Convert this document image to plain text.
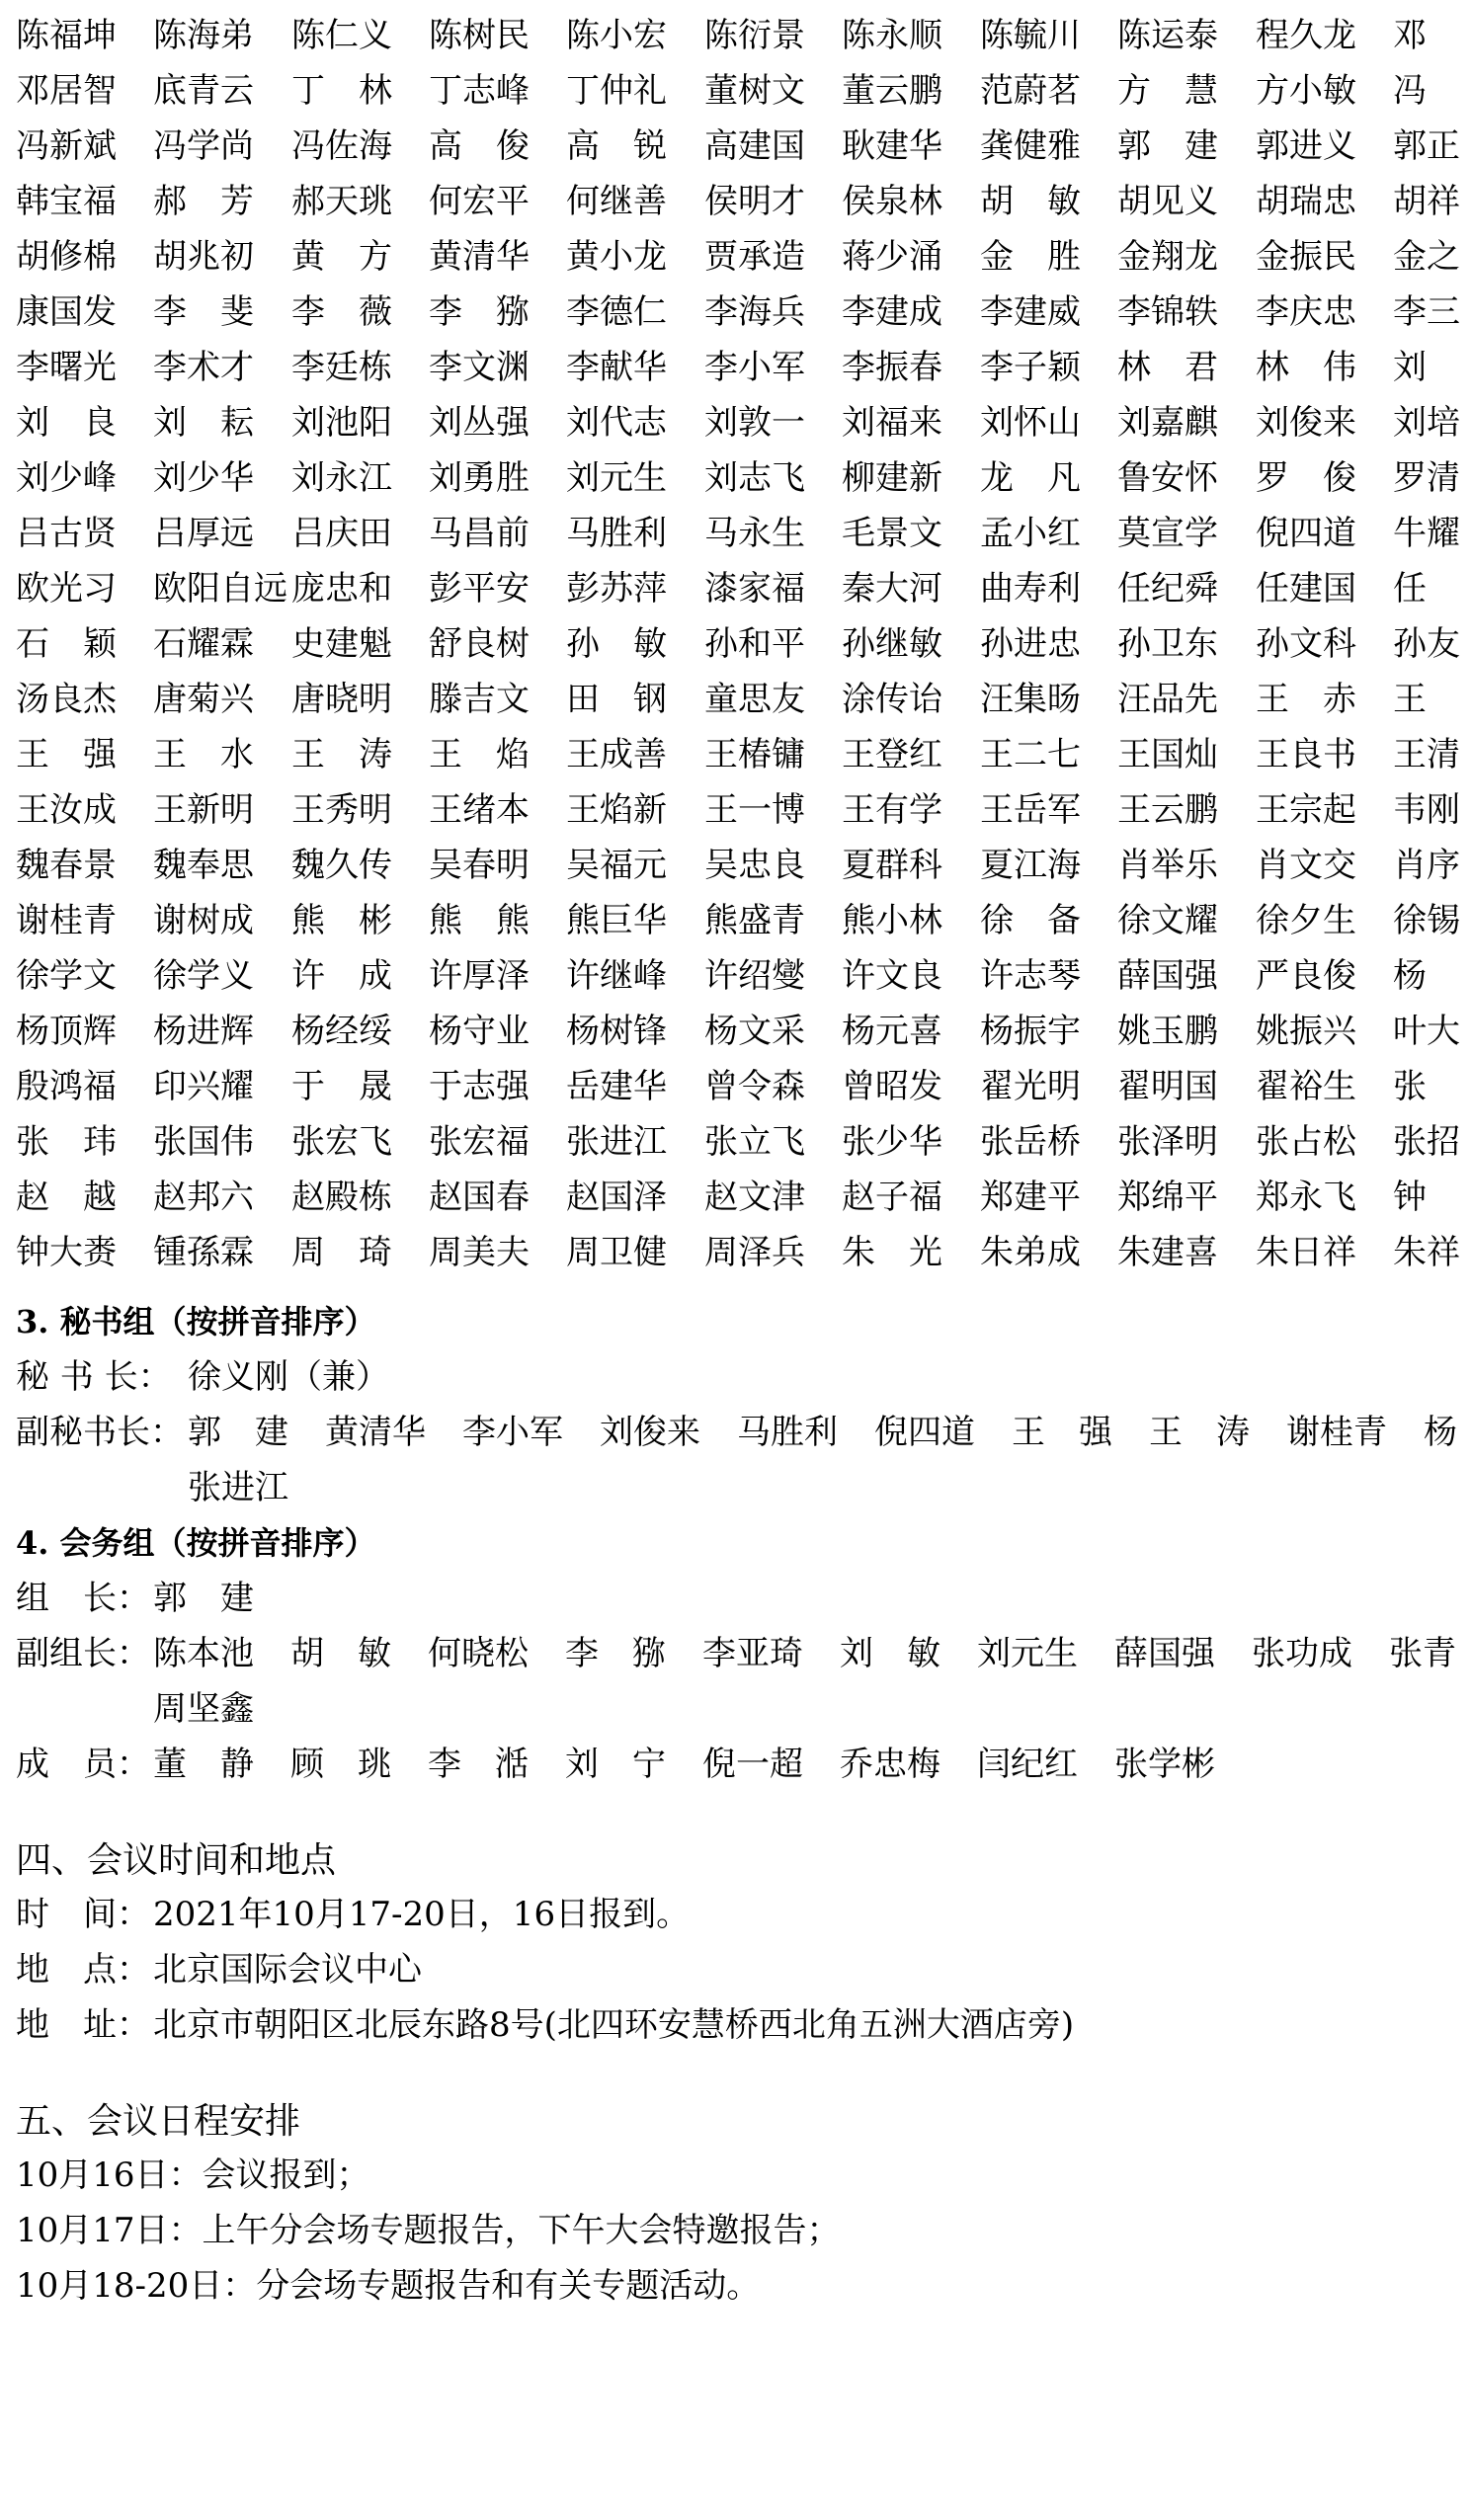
陈福坤 陈海弟 陈仁义 陈树民 陈小宏 陈衍景 陈永顺 陈毓川 陈运泰 程久龙 邓
邓居智 底青云 丁　林 丁志峰 丁仲礼 董树文 董云鹏 范蔚茗 方　慧 方小敏 冯
冯新斌 冯学尚 冯佐海 高　俊 高　锐 高建国 耿建华 龚健雅 郭　建 郭进义 郭正
韩宝福 郝　芳 郝天珧 何宏平 何继善 侯明才 侯泉林 胡　敏 胡见义 胡瑞忠 胡祥
胡修棉 胡兆初 黄　方 黄清华 黄小龙 贾承造 蒋少涌 金　胜 金翔龙 金振民 金之
康国发 李　斐 李　薇 李　猕 李德仁 李海兵 李建成 李建威 李锦轶 李庆忠 李三
李曙光 李术才 李廷栋 李文渊 李献华 李小军 李振春 李子颖 林　君 林　伟 刘
刘　良 刘　耘 刘池阳 刘丛强 刘代志 刘敦一 刘福来 刘怀山 刘嘉麒 刘俊来 刘培
刘少峰 刘少华 刘永江 刘勇胜 刘元生 刘志飞 柳建新 龙　凡 鲁安怀 罗　俊 罗清
吕古贤 吕厚远 吕庆田 马昌前 马胜利 马永生 毛景文 孟小红 莫宣学 倪四道 牛耀
欧光习 欧阳自远 庞忠和 彭平安 彭苏萍 漆家福 秦大河 曲寿利 任纪舜 任建国 任
石　颖 石耀霖 史建魁 舒良树 孙　敏 孙和平 孙继敏 孙进忠 孙卫东 孙文科 孙友
汤良杰 唐菊兴 唐晓明 滕吉文 田　钢 童思友 涂传诒 汪集旸 汪品先 王　赤 王
王　强 王　水 王　涛 王　焰 王成善 王椿镛 王登红 王二七 王国灿 王良书 王清
王汝成 王新明 王秀明 王绪本 王焰新 王一博 王有学 王岳军 王云鹏 王宗起 韦刚
魏春景 魏奉思 魏久传 吴春明 吴福元 吴忠良 夏群科 夏江海 肖举乐 肖文交 肖序
谢桂青 谢树成 熊　彬 熊　熊 熊巨华 熊盛青 熊小林 徐　备 徐文耀 徐夕生 徐锡
徐学文 徐学义 许　成 许厚泽 许继峰 许绍燮 许文良 许志琴 薛国强 严良俊 杨
杨顶辉 杨进辉 杨经绥 杨守业 杨树锋 杨文采 杨元喜 杨振宇 姚玉鹏 姚振兴 叶大
殷鸿福 印兴耀 于　晟 于志强 岳建华 曾令森 曾昭发 翟光明 翟明国 翟裕生 张
张　玮 张国伟 张宏飞 张宏福 张进江 张立飞 张少华 张岳桥 张泽明 张占松 张招
赵　越 赵邦六 赵殿栋 赵国春 赵国泽 赵文津 赵子福 郑建平 郑绵平 郑永飞 钟
钟大赉 锺孫霖 周　琦 周美夫 周卫健 周泽兵 朱　光 朱弟成 朱建喜 朱日祥 朱祥
3. 秘书组（按拼音排序）
秘 书 长： 徐义刚（兼）
副秘书长： 郭　建 黄清华 李小军 刘俊来 马胜利 倪四道 王　强 王　涛 谢桂青 杨
张进江
4. 会务组（按拼音排序）
组　长： 郭　建
副组长： 陈本池 胡　敏 何晓松 李　猕 李亚琦 刘　敏 刘元生 薛国强 张功成 张青
周坚鑫
成　员： 董　静 顾　珧 李　湉 刘　宁 倪一超 乔忠梅 闫纪红 张学彬
四、会议时间和地点
时　间： 2021年10月17-20日，16日报到。
地　点： 北京国际会议中心
地　址： 北京市朝阳区北辰东路8号(北四环安慧桥西北角五洲大酒店旁)
五、会议日程安排
10月16日：会议报到；
10月17日：上午分会场专题报告，下午大会特邀报告；
10月18-20日：分会场专题报告和有关专题活动。
